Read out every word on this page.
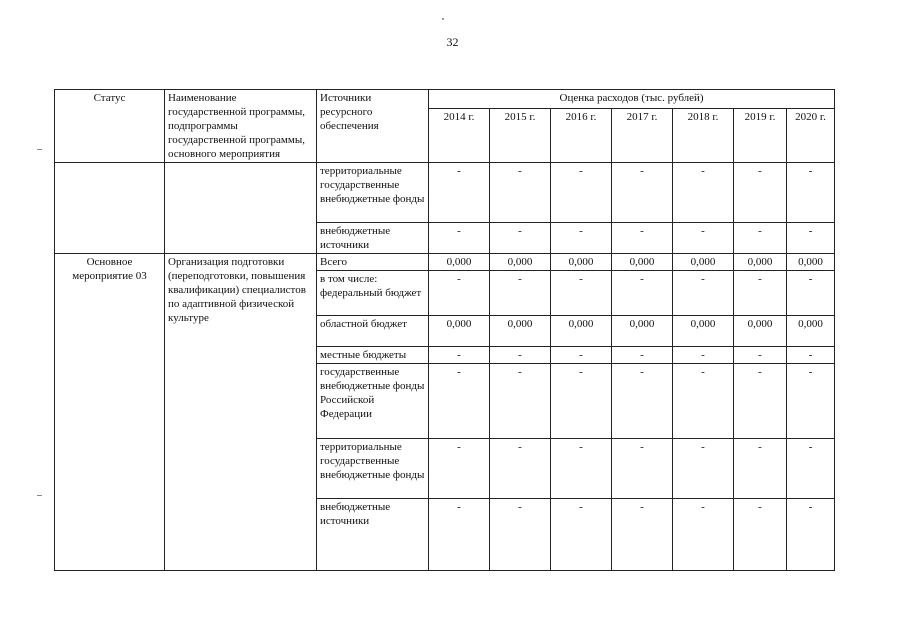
32
Статус	Наименование государственной программы, подпрограммы государственной программы, основного мероприятия	Источники ресурсного обеспечения	Оценка расходов (тыс. рублей)						
			2014 г.	2015 г.	2016 г.	2017 г.	2018 г.	2019 г.	2020 г.
		территориальные государственные внебюджетные фонды	-	-	-	-	-	-	-
		внебюджетные источники	-	-	-	-	-	-	-
Основное мероприятие 03	Организация подготовки (переподготовки, повышения квалификации) специалистов по адаптивной физической культуре	Всего	0,000	0,000	0,000	0,000	0,000	0,000	0,000
		в том числе: федеральный бюджет	-	-	-	-	-	-	-
		областной бюджет	0,000	0,000	0,000	0,000	0,000	0,000	0,000
		местные бюджеты	-	-	-	-	-	-	-
		государственные внебюджетные фонды Российской Федерации	-	-	-	-	-	-	-
		территориальные государственные внебюджетные фонды	-	-	-	-	-	-	-
		внебюджетные источники	-	-	-	-	-	-	-
